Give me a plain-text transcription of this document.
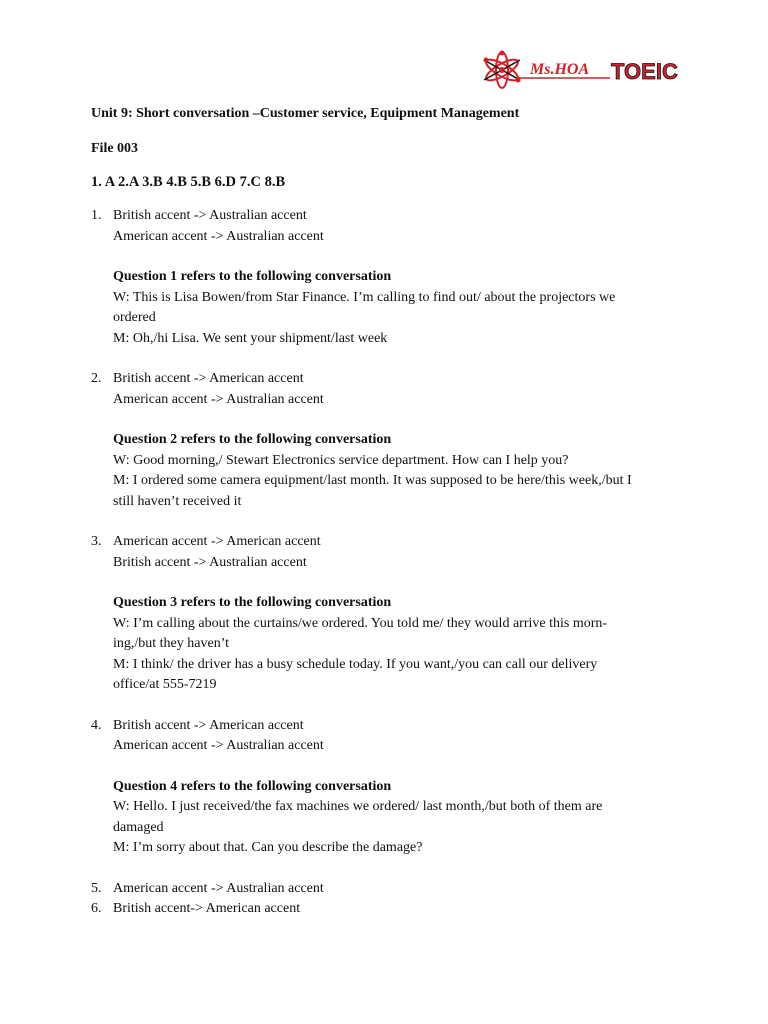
Ms.HOA TOEIC

Unit 9: Short conversation –Customer service, Equipment Management

File 003

1. A 2.A 3.B 4.B 5.B 6.D 7.C 8.B

1. British accent -> Australian accent
American accent -> Australian accent
Question 1 refers to the following conversation
W: This is Lisa Bowen/from Star Finance. I’m calling to find out/ about the projectors we
ordered
M: Oh,/hi Lisa. We sent your shipment/last week
2. British accent -> American accent
American accent -> Australian accent
Question 2 refers to the following conversation
W: Good morning,/ Stewart Electronics service department. How can I help you?
M: I ordered some camera equipment/last month. It was supposed to be here/this week,/but I
still haven’t received it
3. American accent -> American accent
British accent -> Australian accent
Question 3 refers to the following conversation
W: I’m calling about the curtains/we ordered. You told me/ they would arrive this morn-
ing,/but they haven’t
M: I think/ the driver has a busy schedule today. If you want,/you can call our delivery
office/at 555-7219
4. British accent -> American accent
American accent -> Australian accent
Question 4 refers to the following conversation
W: Hello. I just received/the fax machines we ordered/ last month,/but both of them are
damaged
M: I’m sorry about that. Can you describe the damage?
5. American accent -> Australian accent
6. British accent-> American accent
